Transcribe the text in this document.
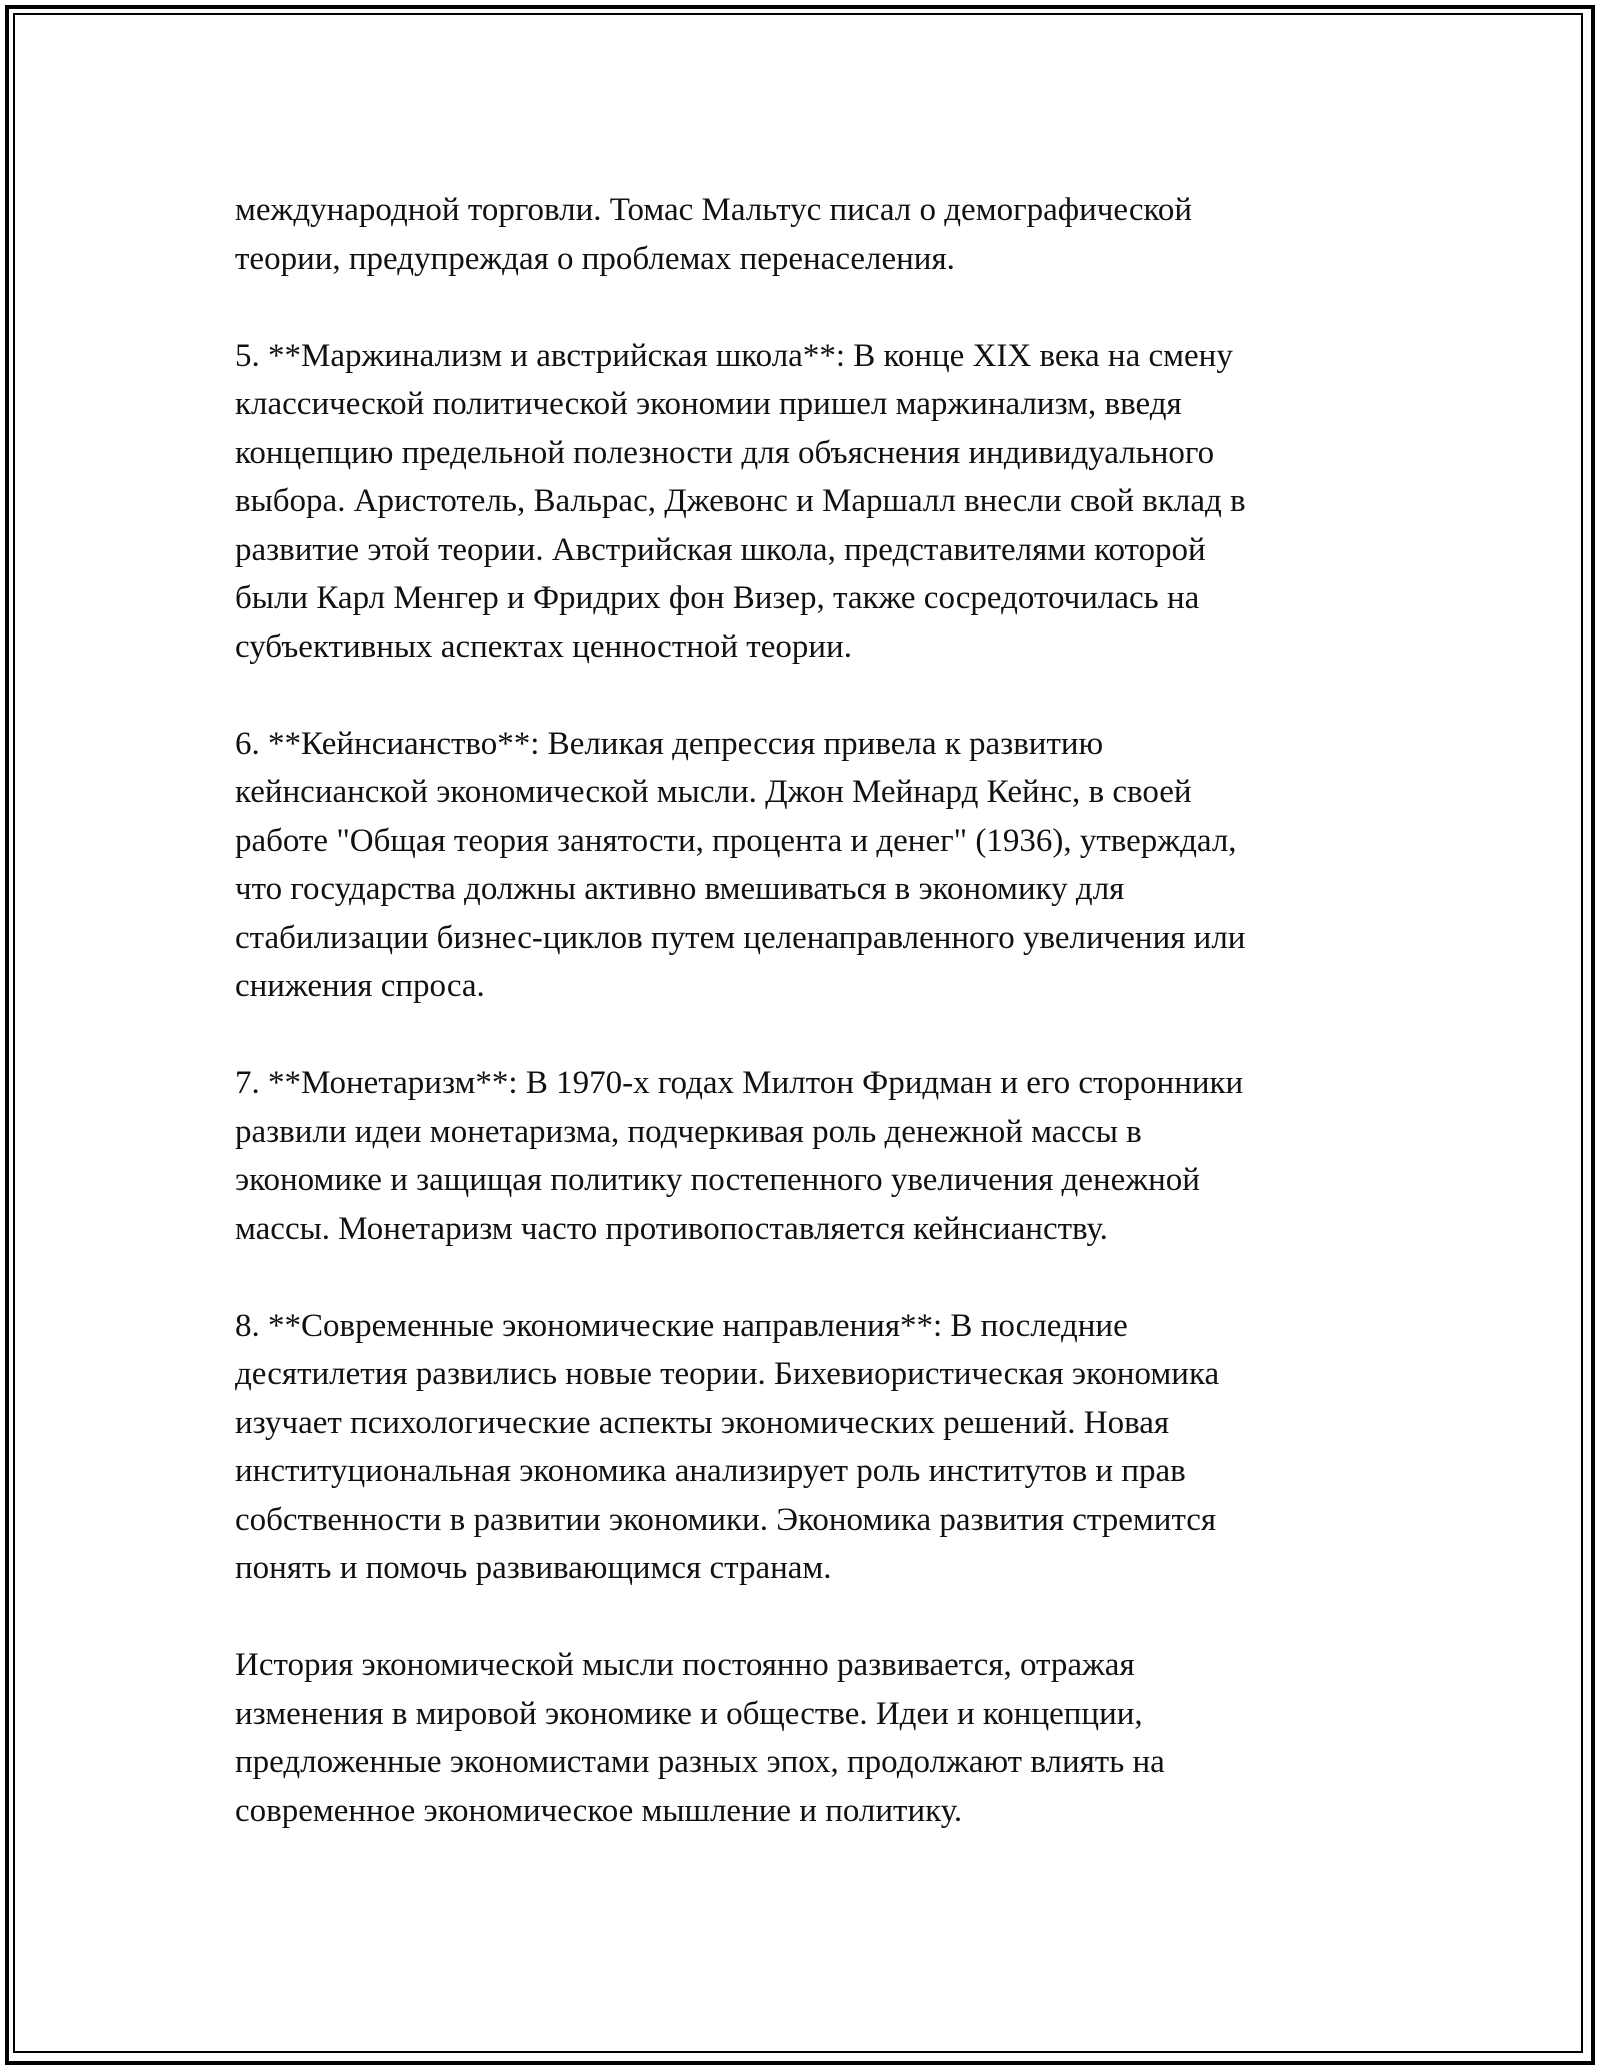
международной торговли. Томас Мальтус писал о демографической
теории, предупреждая о проблемах перенаселения.

5. **Маржинализм и австрийская школа**: В конце XIX века на смену
классической политической экономии пришел маржинализм, введя
концепцию предельной полезности для объяснения индивидуального
выбора. Аристотель, Вальрас, Джевонс и Маршалл внесли свой вклад в
развитие этой теории. Австрийская школа, представителями которой
были Карл Менгер и Фридрих фон Визер, также сосредоточилась на
субъективных аспектах ценностной теории.

6. **Кейнсианство**: Великая депрессия привела к развитию
кейнсианской экономической мысли. Джон Мейнард Кейнс, в своей
работе "Общая теория занятости, процента и денег" (1936), утверждал,
что государства должны активно вмешиваться в экономику для
стабилизации бизнес-циклов путем целенаправленного увеличения или
снижения спроса.

7. **Монетаризм**: В 1970-х годах Милтон Фридман и его сторонники
развили идеи монетаризма, подчеркивая роль денежной массы в
экономике и защищая политику постепенного увеличения денежной
массы. Монетаризм часто противопоставляется кейнсианству.

8. **Современные экономические направления**: В последние
десятилетия развились новые теории. Бихевиористическая экономика
изучает психологические аспекты экономических решений. Новая
институциональная экономика анализирует роль институтов и прав
собственности в развитии экономики. Экономика развития стремится
понять и помочь развивающимся странам.

История экономической мысли постоянно развивается, отражая
изменения в мировой экономике и обществе. Идеи и концепции,
предложенные экономистами разных эпох, продолжают влиять на
современное экономическое мышление и политику.
